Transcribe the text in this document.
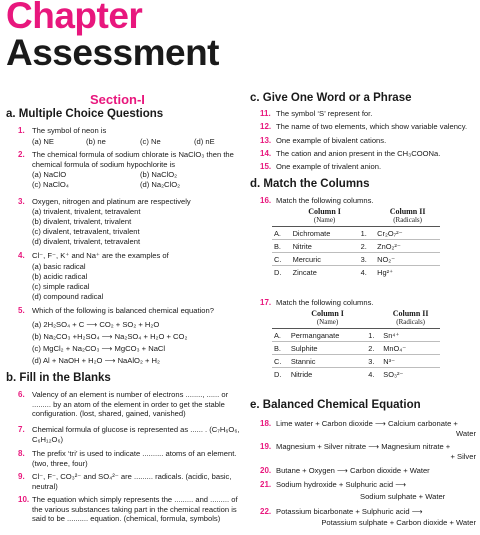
Chapter
Assessment
Section-I
a. Multiple Choice Questions
1. The symbol of neon is
(a) NE	(b) ne	(c) Ne	(d) nE
2. The chemical formula of sodium chlorate is NaClO₃ then the chemical formula of sodium hypochlorite is
(a) NaClO	(b) NaClO₂
(c) NaClO₄	(d) Na₂ClO₂
3. Oxygen, nitrogen and platinum are respectively
(a) trivalent, trivalent, tetravalent
(b) divalent, trivalent, trivalent
(c) divalent, tetravalent, trivalent
(d) divalent, trivalent, tetravalent
4. Cl⁻, F⁻, K⁺ and Na⁺ are the examples of
(a) basic radical
(b) acidic radical
(c) simple radical
(d) compound radical
5. Which of the following is balanced chemical equation?
(a) 2H₂SO₄ + C ⟶ CO₂ + SO₂ + H₂O
(b) Na₂CO₃ +H₂SO₄ ⟶ Na₂SO₄ + H₂O + CO₂
(c) MgCl₂ + Na₂CO₃ ⟶ MgCO₃ + NaCl
(d) Al + NaOH + H₂O ⟶ NaAlO₂ + H₂
b. Fill in the Blanks
6. Valency of an element is number of electrons ........, ...... or ......... by an atom of the element in order to get the stable configuration. (lost, shared, gained, vanished)
7. Chemical formula of glucose is represented as ...... . (C₇H₆O₆, C₆H₁₂O₆)
8. The prefix ‘tri’ is used to indicate .......... atoms of an element. (two, three, four)
9. Cl⁻, F⁻, CO₃²⁻ and SO₄²⁻ are ......... radicals. (acidic, basic, neutral)
10. The equation which simply represents the ......... and ......... of the various substances taking part in the chemical reaction is said to be .......... equation. (chemical, formula, symbols)
c. Give One Word or a Phrase
11. The symbol ‘S’ represent for.
12. The name of two elements, which show variable valency.
13. One example of bivalent cations.
14. The cation and anion present in the CH₃COONa.
15. One example of trivalent anion.
d. Match the Columns
16. Match the following columns.
	Column I
(Name)		Column II
(Radicals)

A.	Dichromate	1.	Cr₂O₇²⁻
B.	Nitrite	2.	ZnO₂²⁻
C.	Mercuric	3.	NO₂⁻
D.	Zincate	4.	Hg²⁺
17. Match the following columns.
	Column I
(Name)		Column II
(Radicals)

A.	Permanganate	1.	Sn⁴⁺
B.	Sulphite	2.	MnO₄⁻
C.	Stannic	3.	N³⁻
D.	Nitride	4.	SO₃²⁻
e. Balanced Chemical Equation
18. Lime water + Carbon dioxide ⟶ Calcium carbonate +
Water
19. Magnesium + Silver nitrate ⟶ Magnesium nitrate +
+ Silver
20. Butane + Oxygen ⟶ Carbon dioxide + Water
21. Sodium hydroxide + Sulphuric acid ⟶
Sodium sulphate + Water
22. Potassium bicarbonate + Sulphuric acid ⟶
Potassium sulphate + Carbon dioxide + Water
